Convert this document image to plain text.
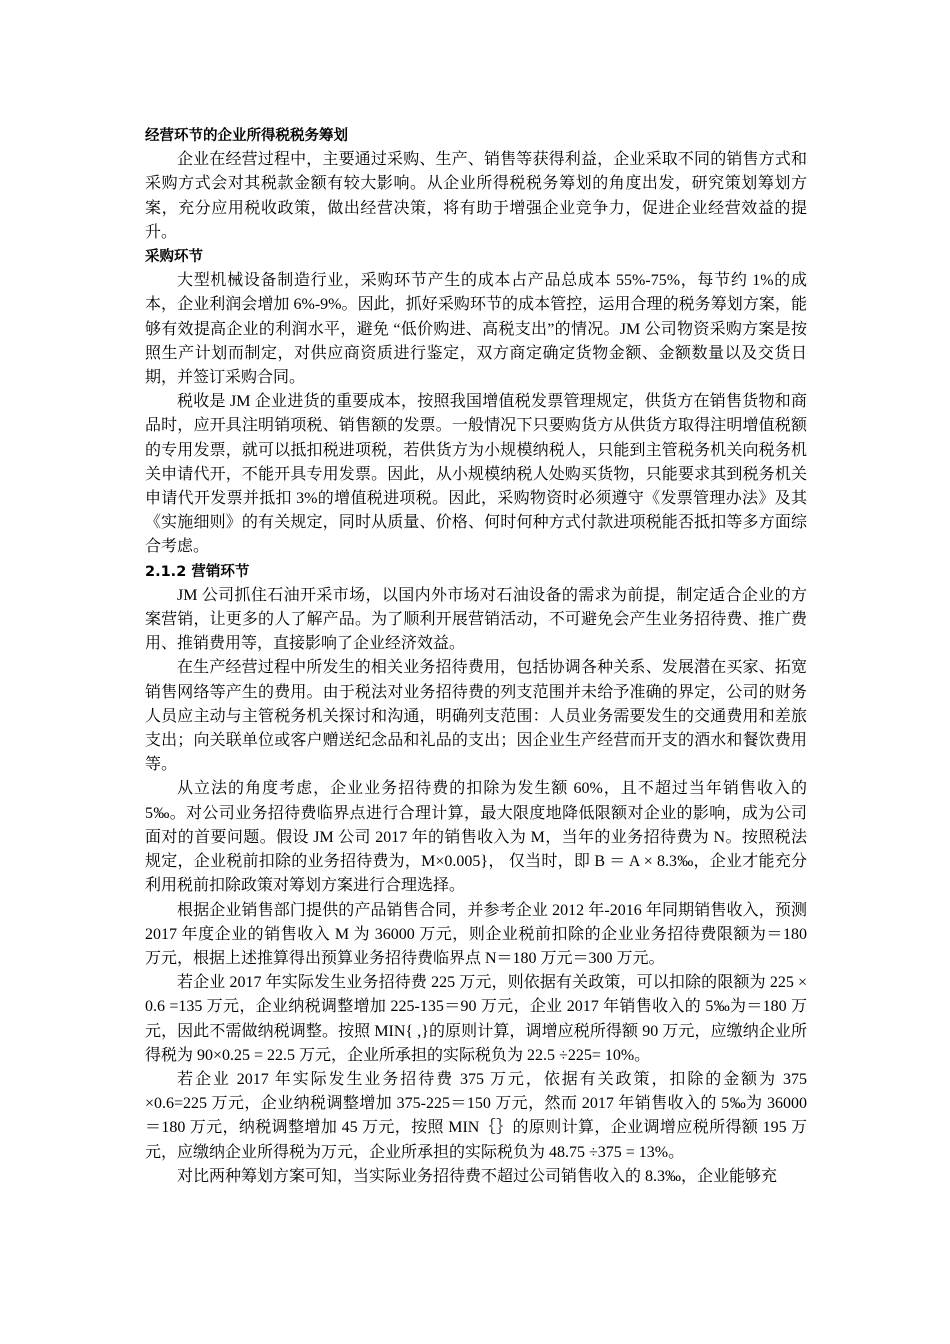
经营环节的企业所得税税务筹划

企业在经营过程中，主要通过采购、生产、销售等获得利益，企业采取不同的销售方式和采购方式会对其税款金额有较大影响。从企业所得税税务筹划的角度出发，研究策划筹划方案，充分应用税收政策，做出经营决策，将有助于增强企业竞争力，促进企业经营效益的提升。

采购环节

大型机械设备制造行业，采购环节产生的成本占产品总成本 55%-75%，每节约 1%的成本，企业利润会增加 6%-9%。因此，抓好采购环节的成本管控，运用合理的税务筹划方案，能够有效提高企业的利润水平，避免 “低价购进、高税支出”的情况。JM 公司物资采购方案是按照生产计划而制定，对供应商资质进行鉴定，双方商定确定货物金额、金额数量以及交货日期，并签订采购合同。

税收是 JM 企业进货的重要成本，按照我国增值税发票管理规定，供货方在销售货物和商品时，应开具注明销项税、销售额的发票。一般情况下只要购货方从供货方取得注明增值税额的专用发票，就可以抵扣税进项税，若供货方为小规模纳税人，只能到主管税务机关向税务机关申请代开，不能开具专用发票。因此，从小规模纳税人处购买货物，只能要求其到税务机关申请代开发票并抵扣 3%的增值税进项税。因此，采购物资时必须遵守《发票管理办法》及其《实施细则》的有关规定，同时从质量、价格、何时何种方式付款进项税能否抵扣等多方面综合考虑。

2.1.2 营销环节

JM 公司抓住石油开采市场，以国内外市场对石油设备的需求为前提，制定适合企业的方案营销，让更多的人了解产品。为了顺利开展营销活动，不可避免会产生业务招待费、推广费用、推销费用等，直接影响了企业经济效益。

在生产经营过程中所发生的相关业务招待费用，包括协调各种关系、发展潜在买家、拓宽销售网络等产生的费用。由于税法对业务招待费的列支范围并未给予准确的界定，公司的财务人员应主动与主管税务机关探讨和沟通，明确列支范围：人员业务需要发生的交通费用和差旅支出；向关联单位或客户赠送纪念品和礼品的支出；因企业生产经营而开支的酒水和餐饮费用等。

从立法的角度考虑，企业业务招待费的扣除为发生额 60%，且不超过当年销售收入的 5‰。对公司业务招待费临界点进行合理计算，最大限度地降低限额对企业的影响，成为公司面对的首要问题。假设 JM 公司 2017 年的销售收入为 M，当年的业务招待费为 N。按照税法规定，企业税前扣除的业务招待费为，M×0.005}， 仅当时，即 B ＝ A × 8.3‰，企业才能充分利用税前扣除政策对筹划方案进行合理选择。

根据企业销售部门提供的产品销售合同，并参考企业 2012 年-2016 年同期销售收入，预测 2017 年度企业的销售收入 M 为 36000 万元，则企业税前扣除的企业业务招待费限额为＝180 万元，根据上述推算得出预算业务招待费临界点 N＝180 万元＝300 万元。

若企业 2017 年实际发生业务招待费 225 万元，则依据有关政策，可以扣除的限额为 225 × 0.6 =135 万元，企业纳税调整增加 225-135＝90 万元，企业 2017 年销售收入的 5‰为＝180 万元，因此不需做纳税调整。按照 MIN{ ,}的原则计算，调增应税所得额 90 万元，应缴纳企业所得税为 90×0.25 = 22.5 万元，企业所承担的实际税负为 22.5 ÷225= 10%。

若企业 2017 年实际发生业务招待费 375 万元，依据有关政策，扣除的金额为 375 ×0.6=225 万元，企业纳税调整增加 375-225＝150 万元，然而 2017 年销售收入的 5‰为 36000 ＝180 万元，纳税调整增加 45 万元，按照 MIN｛｝的原则计算，企业调增应税所得额 195 万元，应缴纳企业所得税为万元，企业所承担的实际税负为 48.75 ÷375 = 13%。

对比两种筹划方案可知，当实际业务招待费不超过公司销售收入的 8.3‰，企业能够充
